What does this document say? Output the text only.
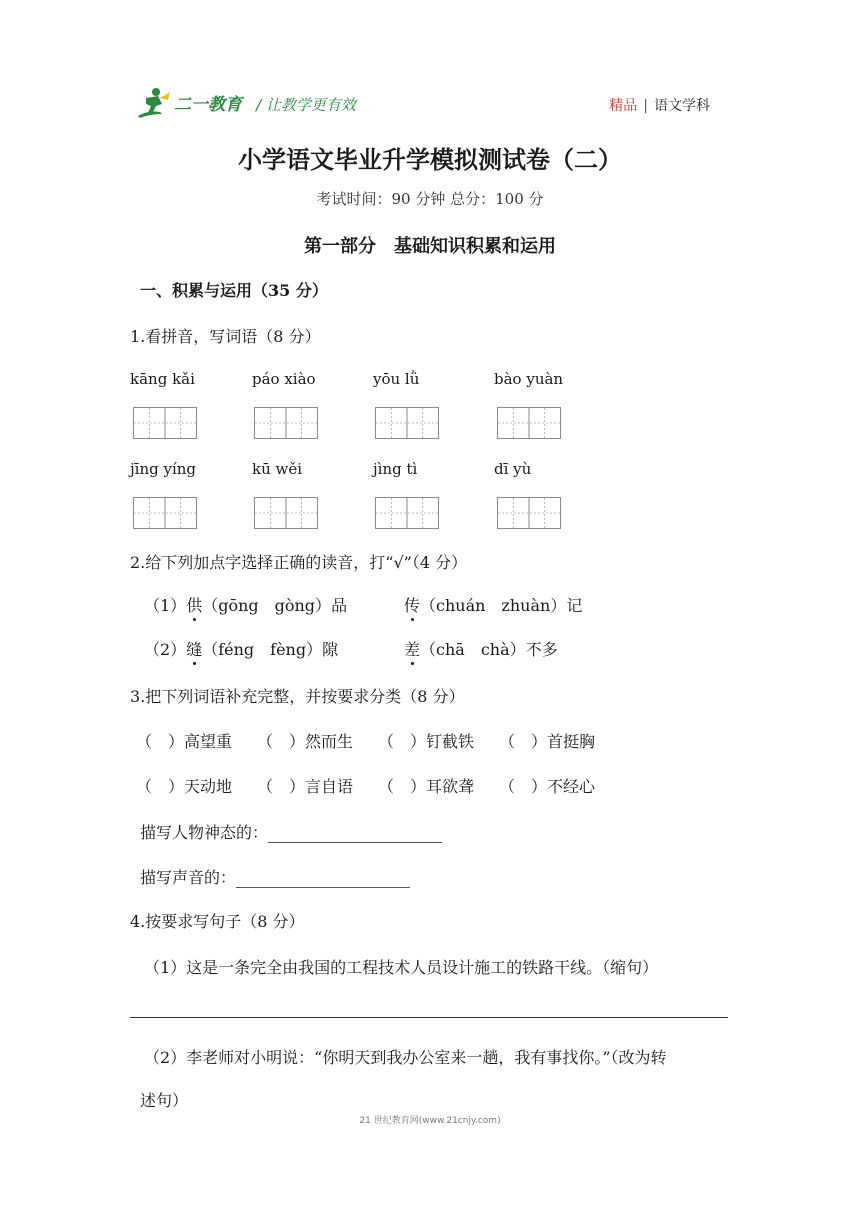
二一教育 / 让教学更有效	精品 | 语文学科
小学语文毕业升学模拟测试卷（二）
考试时间：90 分钟 总分：100 分
第一部分　基础知识积累和运用
一、积累与运用（35 分）
1.看拼音，写词语（8 分）
kāng kǎi	páo xiào	yōu lǜ	bào yuàn
jīng yíng	kū wěi	jìng tì	dī yù
2.给下列加点字选择正确的读音，打“√”（4 分）
（1）供（gōng　gòng）品	传（chuán　zhuàn）记
（2）缝（féng　fèng）隙	差（chā　chà）不多
3.把下列词语补充完整，并按要求分类（8 分）
（　）高望重 （　）然而生 （　）钉截铁 （　）首挺胸
（　）天动地 （　）言自语 （　）耳欲聋 （　）不经心
描写人物神态的：
描写声音的：
4.按要求写句子（8 分）
（1）这是一条完全由我国的工程技术人员设计施工的铁路干线。（缩句）
（2）李老师对小明说：“你明天到我办公室来一趟，我有事找你。”（改为转
述句）
21 世纪教育网(www.21cnjy.com)
